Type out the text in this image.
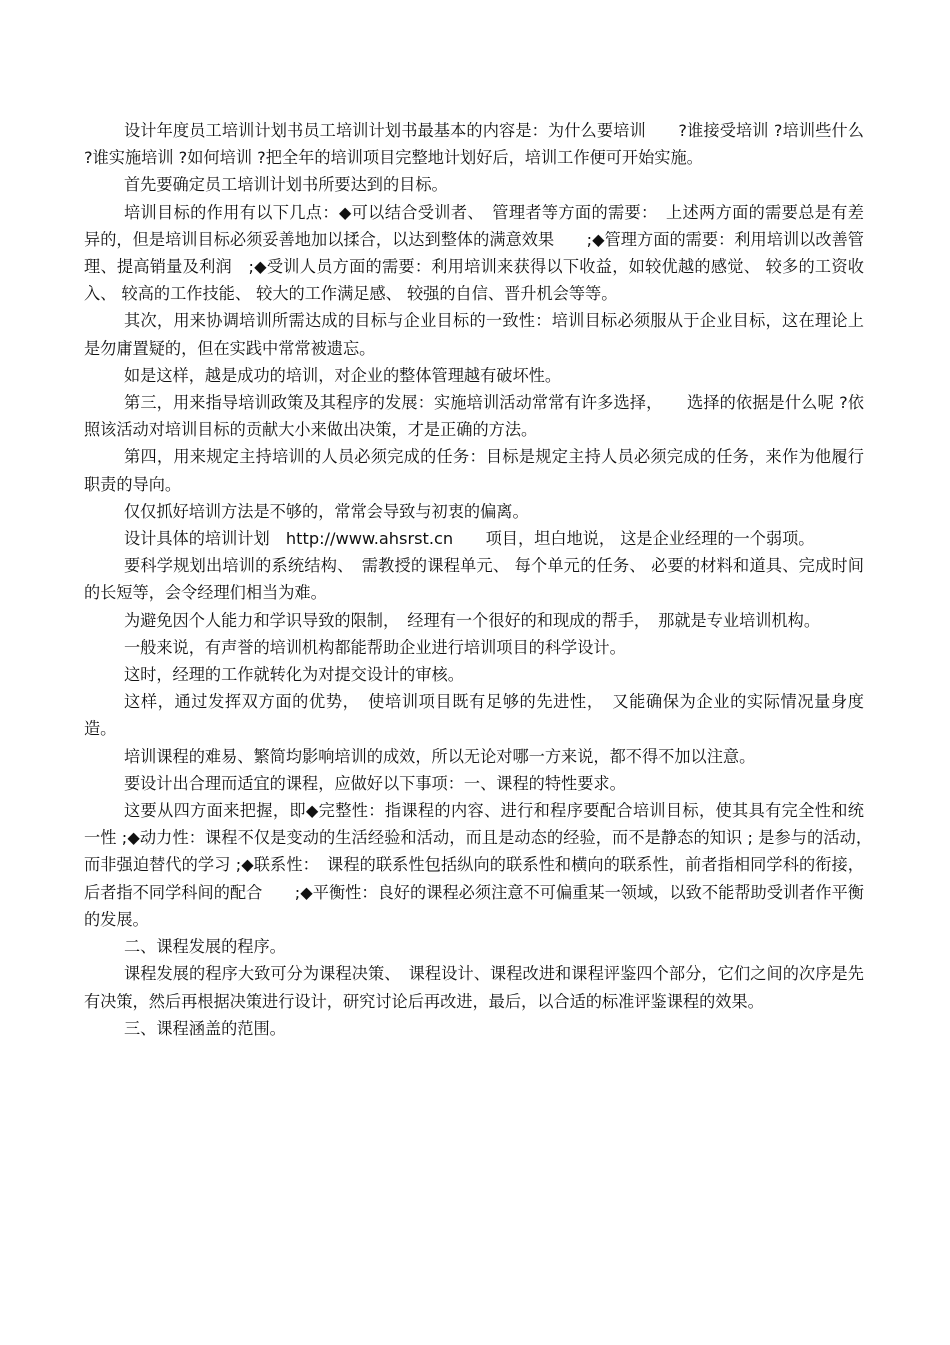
设计年度员工培训计划书员工培训计划书最基本的内容是：为什么要培训　　?谁接受培训 ?培训些什么 ?谁实施培训 ?如何培训 ?把全年的培训项目完整地计划好后，培训工作便可开始实施。

首先要确定员工培训计划书所要达到的目标。

培训目标的作用有以下几点：◆可以结合受训者、　管理者等方面的需要：　上述两方面的需要总是有差异的，但是培训目标必须妥善地加以揉合，以达到整体的满意效果　　;◆管理方面的需要：利用培训以改善管理、提高销量及利润　;◆受训人员方面的需要：利用培训来获得以下收益，如较优越的感觉、 较多的工资收入、 较高的工作技能、 较大的工作满足感、 较强的自信、晋升机会等等。

其次，用来协调培训所需达成的目标与企业目标的一致性：培训目标必须服从于企业目标，这在理论上是勿庸置疑的，但在实践中常常被遗忘。

如是这样，越是成功的培训，对企业的整体管理越有破坏性。

第三，用来指导培训政策及其程序的发展：实施培训活动常常有许多选择，　　选择的依据是什么呢 ?依照该活动对培训目标的贡献大小来做出决策，才是正确的方法。

第四，用来规定主持培训的人员必须完成的任务：目标是规定主持人员必须完成的任务，来作为他履行职责的导向。

仅仅抓好培训方法是不够的，常常会导致与初衷的偏离。

设计具体的培训计划　http://www.ahsrst.cn　　项目，坦白地说， 这是企业经理的一个弱项。

要科学规划出培训的系统结构、　需教授的课程单元、 每个单元的任务、 必要的材料和道具、完成时间的长短等，会令经理们相当为难。

为避免因个人能力和学识导致的限制，　经理有一个很好的和现成的帮手，　那就是专业培训机构。

一般来说，有声誉的培训机构都能帮助企业进行培训项目的科学设计。

这时，经理的工作就转化为对提交设计的审核。

这样，通过发挥双方面的优势，　使培训项目既有足够的先进性，　又能确保为企业的实际情况量身度造。

培训课程的难易、繁简均影响培训的成效，所以无论对哪一方来说，都不得不加以注意。

要设计出合理而适宜的课程，应做好以下事项：一、课程的特性要求。

这要从四方面来把握，即◆完整性：指课程的内容、进行和程序要配合培训目标，使其具有完全性和统一性 ;◆动力性：课程不仅是变动的生活经验和活动，而且是动态的经验，而不是静态的知识 ; 是参与的活动，　而非强迫替代的学习 ;◆联系性：　课程的联系性包括纵向的联系性和横向的联系性，前者指相同学科的衔接，后者指不同学科间的配合　　;◆平衡性：良好的课程必须注意不可偏重某一领域，以致不能帮助受训者作平衡的发展。

二、课程发展的程序。

课程发展的程序大致可分为课程决策、　课程设计、课程改进和课程评鉴四个部分，它们之间的次序是先有决策，然后再根据决策进行设计，研究讨论后再改进，最后，以合适的标准评鉴课程的效果。

三、课程涵盖的范围。
